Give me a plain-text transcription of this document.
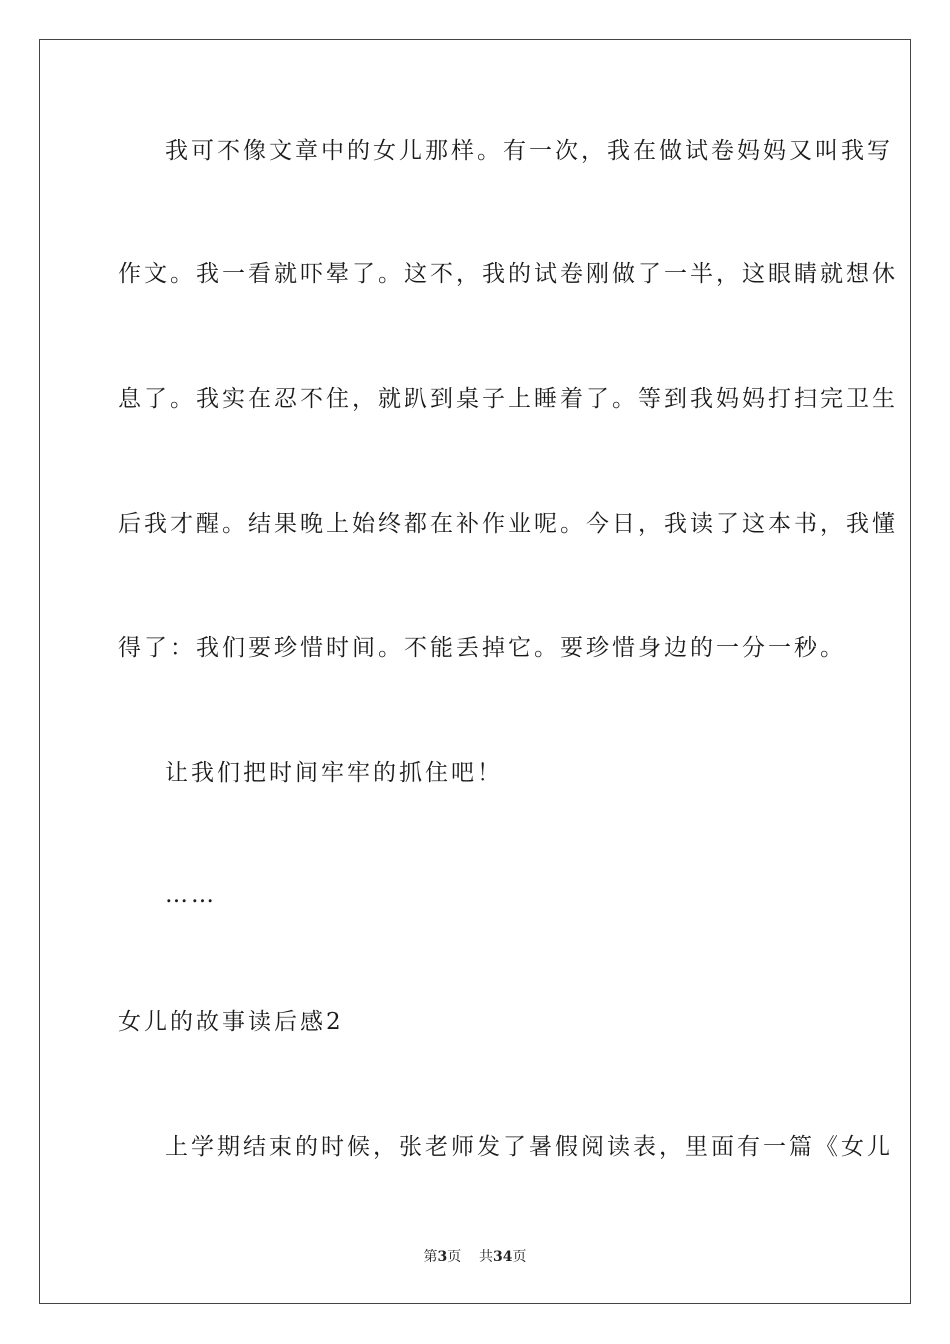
我可不像文章中的女儿那样。有一次，我在做试卷妈妈又叫我写
作文。我一看就吓晕了。这不，我的试卷刚做了一半，这眼睛就想休
息了。我实在忍不住，就趴到桌子上睡着了。等到我妈妈打扫完卫生
后我才醒。结果晚上始终都在补作业呢。今日，我读了这本书，我懂
得了：我们要珍惜时间。不能丢掉它。要珍惜身边的一分一秒。
让我们把时间牢牢的抓住吧！
……
女儿的故事读后感2
上学期结束的时候，张老师发了暑假阅读表，里面有一篇《女儿
第3页 共34页
